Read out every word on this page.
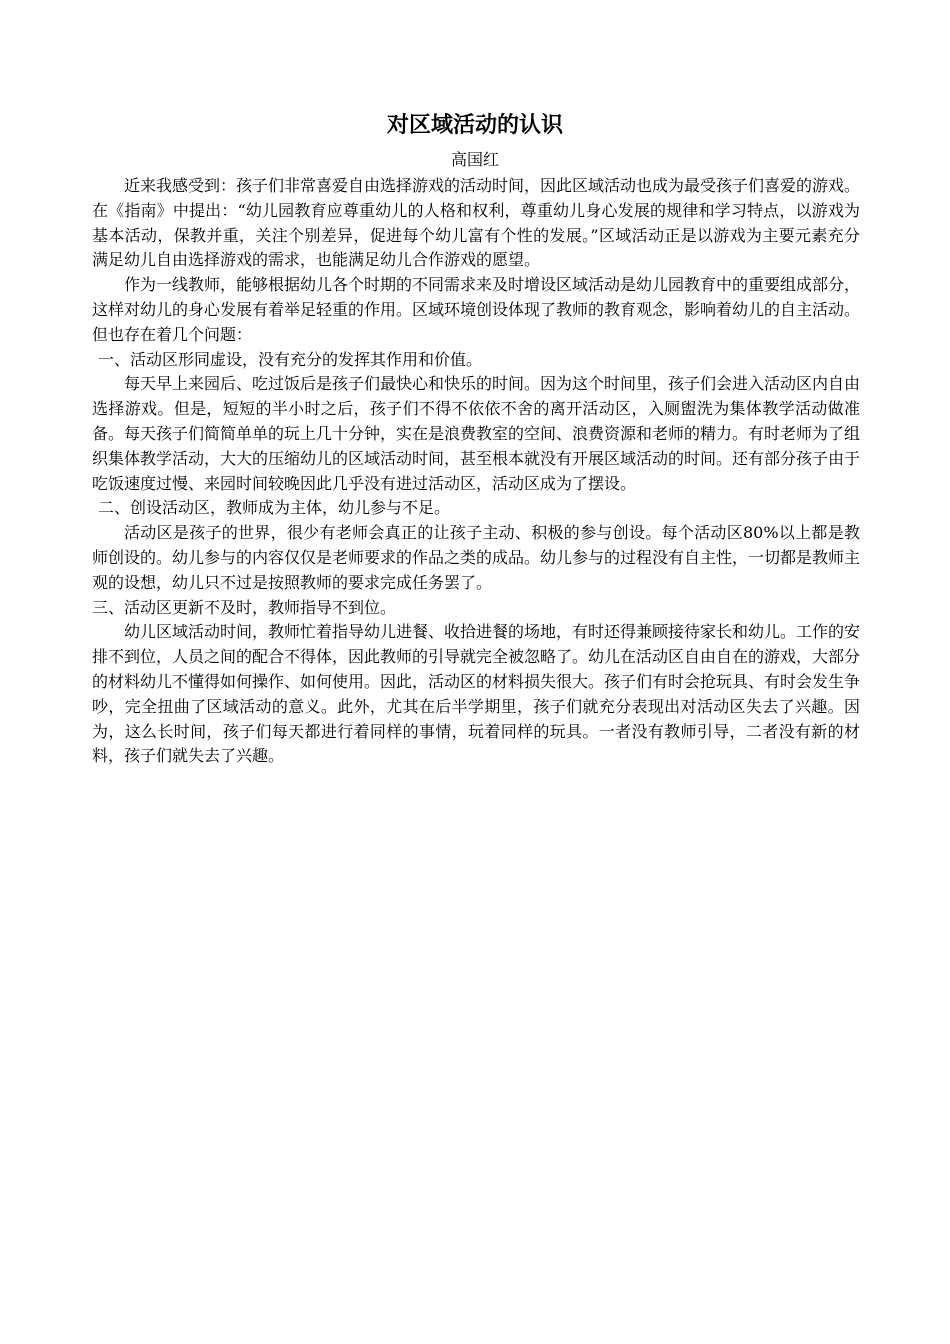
对区域活动的认识
高国红

近来我感受到：孩子们非常喜爱自由选择游戏的活动时间，因此区域活动也成为最受孩子们喜爱的游戏。在《指南》中提出：“幼儿园教育应尊重幼儿的人格和权利，尊重幼儿身心发展的规律和学习特点，以游戏为基本活动，保教并重，关注个别差异，促进每个幼儿富有个性的发展。”区域活动正是以游戏为主要元素充分满足幼儿自由选择游戏的需求，也能满足幼儿合作游戏的愿望。

作为一线教师，能够根据幼儿各个时期的不同需求来及时增设区域活动是幼儿园教育中的重要组成部分，这样对幼儿的身心发展有着举足轻重的作用。区域环境创设体现了教师的教育观念，影响着幼儿的自主活动。但也存在着几个问题：

一、活动区形同虚设，没有充分的发挥其作用和价值。

每天早上来园后、吃过饭后是孩子们最快心和快乐的时间。因为这个时间里，孩子们会进入活动区内自由选择游戏。但是，短短的半小时之后，孩子们不得不依依不舍的离开活动区，入厕盥洗为集体教学活动做准备。每天孩子们简简单单的玩上几十分钟，实在是浪费教室的空间、浪费资源和老师的精力。有时老师为了组织集体教学活动，大大的压缩幼儿的区域活动时间，甚至根本就没有开展区域活动的时间。还有部分孩子由于吃饭速度过慢、来园时间较晚因此几乎没有进过活动区，活动区成为了摆设。

二、创设活动区，教师成为主体，幼儿参与不足。

活动区是孩子的世界，很少有老师会真正的让孩子主动、积极的参与创设。每个活动区80%以上都是教师创设的。幼儿参与的内容仅仅是老师要求的作品之类的成品。幼儿参与的过程没有自主性，一切都是教师主观的设想，幼儿只不过是按照教师的要求完成任务罢了。

三、活动区更新不及时，教师指导不到位。

幼儿区域活动时间，教师忙着指导幼儿进餐、收拾进餐的场地，有时还得兼顾接待家长和幼儿。工作的安排不到位，人员之间的配合不得体，因此教师的引导就完全被忽略了。幼儿在活动区自由自在的游戏，大部分的材料幼儿不懂得如何操作、如何使用。因此，活动区的材料损失很大。孩子们有时会抢玩具、有时会发生争吵，完全扭曲了区域活动的意义。此外，尤其在后半学期里，孩子们就充分表现出对活动区失去了兴趣。因为，这么长时间，孩子们每天都进行着同样的事情，玩着同样的玩具。一者没有教师引导，二者没有新的材料，孩子们就失去了兴趣。
